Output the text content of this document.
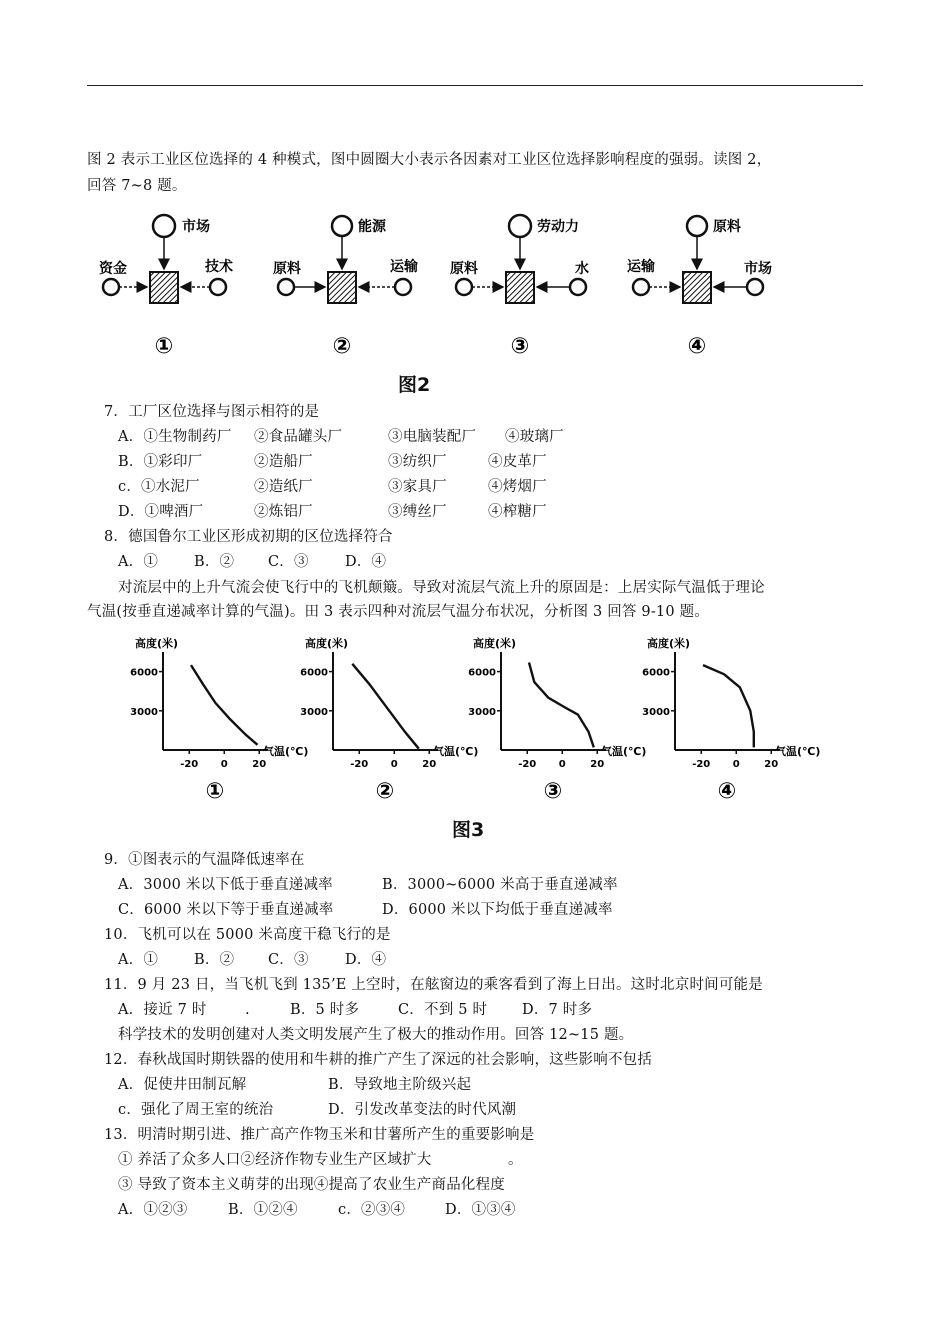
图 2 表示工业区位选择的 4 种模式，图中圆圈大小表示各因素对工业区位选择影响程度的强弱。读图 2，
回答 7~8 题。
市场
资金	技术
①
能源
原料	运输
②
劳动力
原料	水
③
原料
运输	市场
④
图2
7．工厂区位选择与图示相符的是
A．①生物制药厂 ②食品罐头厂	③电脑装配厂 ④玻璃厂
B．①彩印厂	②造船厂	③纺织厂	④皮革厂
c．①水泥厂	②造纸厂	③家具厂	④烤烟厂
D．①啤酒厂	②炼铝厂	③缚丝厂	④榨糖厂
8．德国鲁尔工业区形成初期的区位选择符合
A．① B．② C．③	D．④
对流层中的上升气流会使飞行中的飞机颠簸。导致对流层气流上升的原固是：上居实际气温低于理论
气温(按垂直递减率计算的气温)。田 3 表示四种对流层气温分布状况，分析图 3 回答 9-10 题。
高度(米)
气温(℃)
6000
3000
-20 0 20
①
高度(米)
气温(℃)
6000
3000
-20 0 20
②
高度(米)
气温(℃)
6000
3000
-20 0 20
③
高度(米)
气温(℃)
6000
3000
-20 0 20
④
图3
9．①图表示的气温降低速率在
A．3000 米以下低于垂直递减率	B．3000~6000 米高于垂直递减率
C．6000 米以下等于垂直递减率	D．6000 米以下均低于垂直递减率
10．飞机可以在 5000 米高度干稳飞行的是
A．① B．② C．③	D．④
11．9 月 23 日，当飞机飞到 135’E 上空时，在舷窗边的乘客看到了海上日出。这时北京时间可能是
A．接近 7 时	.	B．5 时多	C．不到 5 时 D．7 时多
科学技术的发明创建对人类文明发展产生了极大的推动作用。回答 12~15 题。
12．春秋战国时期铁器的使用和牛耕的推广产生了深远的社会影响，这些影响不包括
A．促使井田制瓦解	B．导致地主阶级兴起
c．强化了周王室的统治	D．引发改革变法的时代风潮
13．明清时期引进、推广高产作物玉米和甘薯所产生的重要影响是
① 养活了众多人口②经济作物专业生产区域扩大	。
③ 导致了资本主义萌芽的出现④提高了农业生产商品化程度
A．①②③	B．①②④	c．②③④	D．①③④
